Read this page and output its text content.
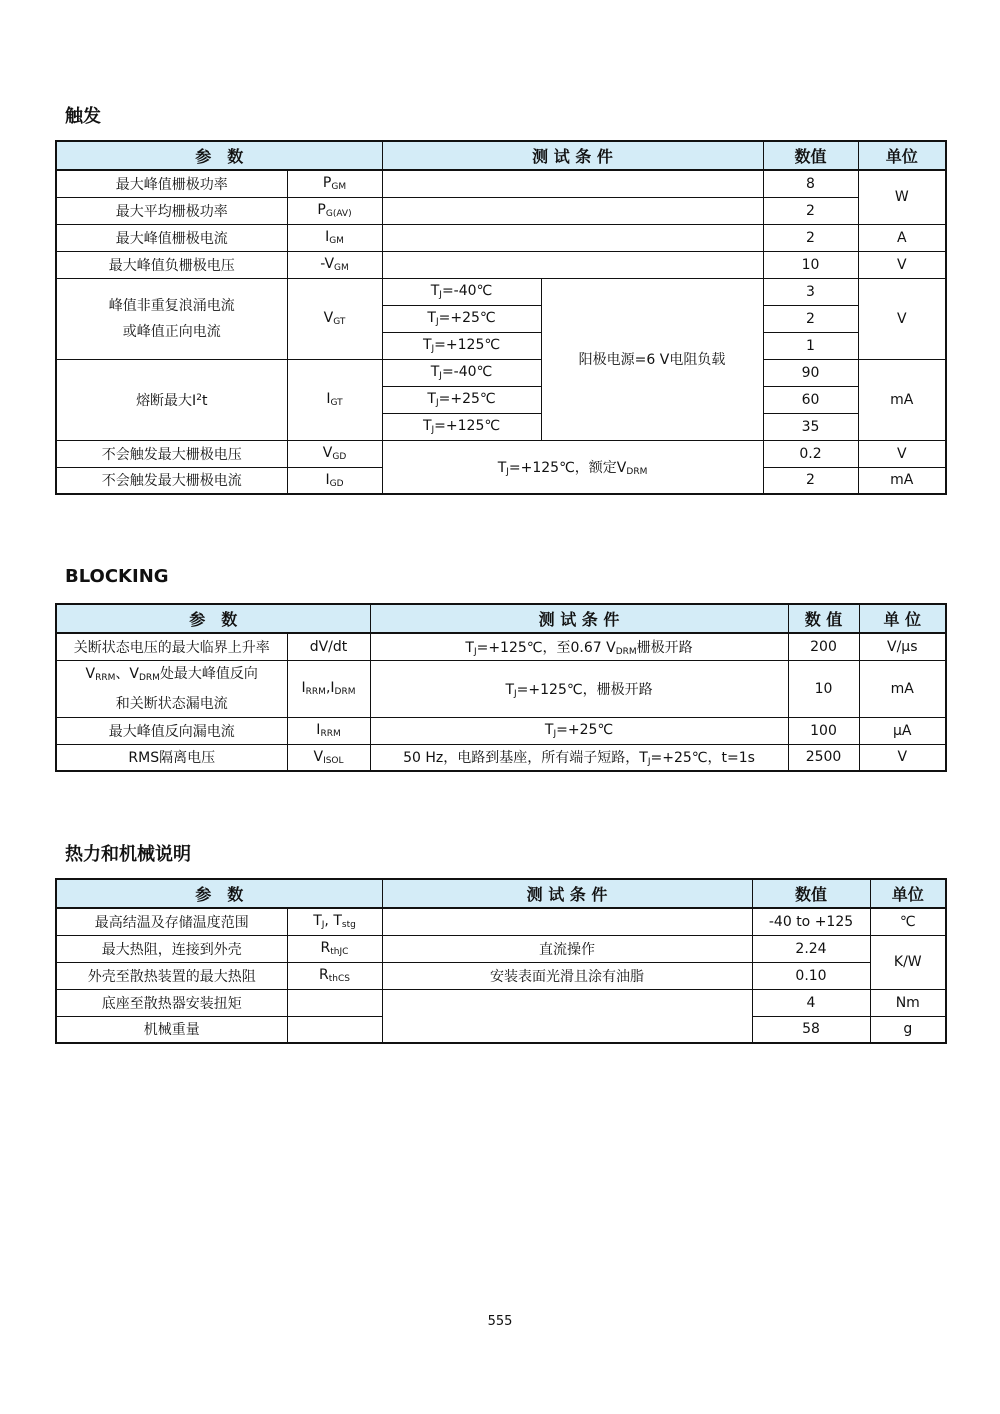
触发
参　数		测 试 条 件		数值	单位
最大峰值栅极功率	$P_{GM}$			8	W
最大平均栅极功率	$P_{G(AV)}$			2	
最大峰值栅极电流	$I_{GM}$			2	A
最大峰值负栅极电压	$-V_{GM}$			10	V
峰值非重复浪涌电流
或峰值正向电流	$V_{GT}$	$T_J=-40℃$	阳极电源=6 V电阻负载	3	V
		$T_J=+25℃$		2	
		$T_J=+125℃$		1	
熔断最大$I^2t$	$I_{GT}$	$T_J=-40℃$		90	mA
		$T_J=+25℃$		60	
		$T_J=+125℃$		35	
不会触发最大栅极电压	$V_{GD}$	$T_J=+125℃$，额定$V_{DRM}$		0.2	V
不会触发最大栅极电流	$I_{GD}$			2	mA
BLOCKING
参　数		测 试 条 件	数 值	单 位
关断状态电压的最大临界上升率	dV/dt	$T_J=+125℃$，至0.67 $V_{DRM}$栅极开路	200	V/μs
$V_{RRM}$、$V_{DRM}$处最大峰值反向
和关断状态漏电流	$I_{RRM},I_{DRM}$	$T_J=+125℃$，栅极开路	10	mA
最大峰值反向漏电流	$I_{RRM}$	$T_J=+25℃$	100	μA
RMS隔离电压	$V_{ISOL}$	50 Hz，电路到基座，所有端子短路，$T_J=+25℃$，t=1s	2500	V
热力和机械说明
参　数		测 试 条 件	数值	单位
最高结温及存储温度范围	$T_J$, $T_{stg}$		-40 to +125	℃
最大热阻，连接到外壳	$R_{thJC}$	直流操作	2.24	K/W
外壳至散热装置的最大热阻	$R_{thCS}$	安装表面光滑且涂有油脂	0.10	
底座至散热器安装扭矩			4	Nm
机械重量			58	g
555
